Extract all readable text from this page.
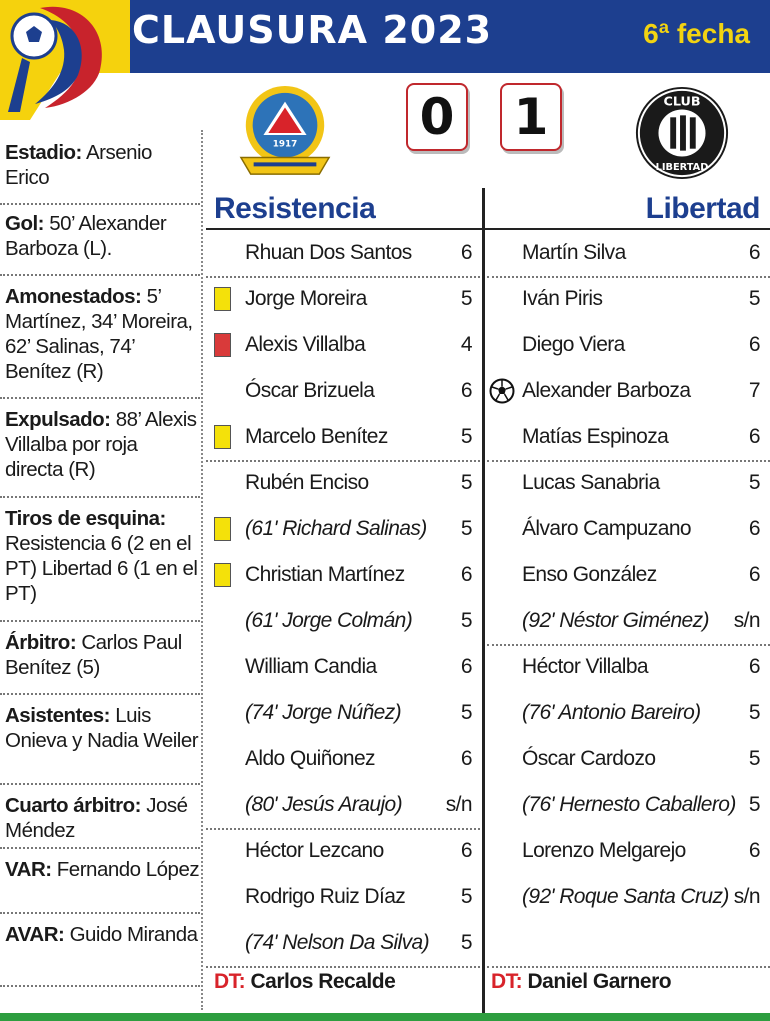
CLAUSURA 2023	6ª fecha
1917 0 1	CLUB
LIBERTAD
Resistencia	Libertad
Estadio: Arsenio Erico
Gol: 50’ Alexander Barboza (L).
Amonestados: 5’ Martínez, 34’ Moreira, 62’ Salinas, 74’ Benítez (R)
Expulsado: 88’ Alexis Villalba por roja directa (R)
Tiros de esquina: Resistencia 6 (2 en el PT) Libertad 6 (1 en el PT)
Árbitro: Carlos Paul Benítez (5)
Asistentes: Luis Onieva y Nadia Weiler
Cuarto árbitro: José Méndez
VAR: Fernando López
AVAR: Guido Miranda
Rhuan Dos Santos 6
Jorge Moreira	5
Alexis Villalba	4
Óscar Brizuela	6
Marcelo Benítez	5
Rubén Enciso	5
(61' Richard Salinas) 5
Christian Martínez	6
(61' Jorge Colmán) 5
William Candia	6
(74' Jorge Núñez)	5
Aldo Quiñonez	6
(80' Jesús Araujo) s/n
Héctor Lezcano	6
Rodrigo Ruiz Díaz	5
(74' Nelson Da Silva) 5
Martín Silva	6
Iván Piris	5
Diego Viera	6
Alexander Barboza	7
Matías Espinoza	6
Lucas Sanabria	5
Álvaro Campuzano	6
Enso González	6
(92' Néstor Giménez) s/n
Héctor Villalba	6
(76' Antonio Bareiro) 5
Óscar Cardozo	5
(76' Hernesto Caballero) 5
Lorenzo Melgarejo	6
(92' Roque Santa Cruz) s/n
DT: Carlos Recalde	DT: Daniel Garnero
